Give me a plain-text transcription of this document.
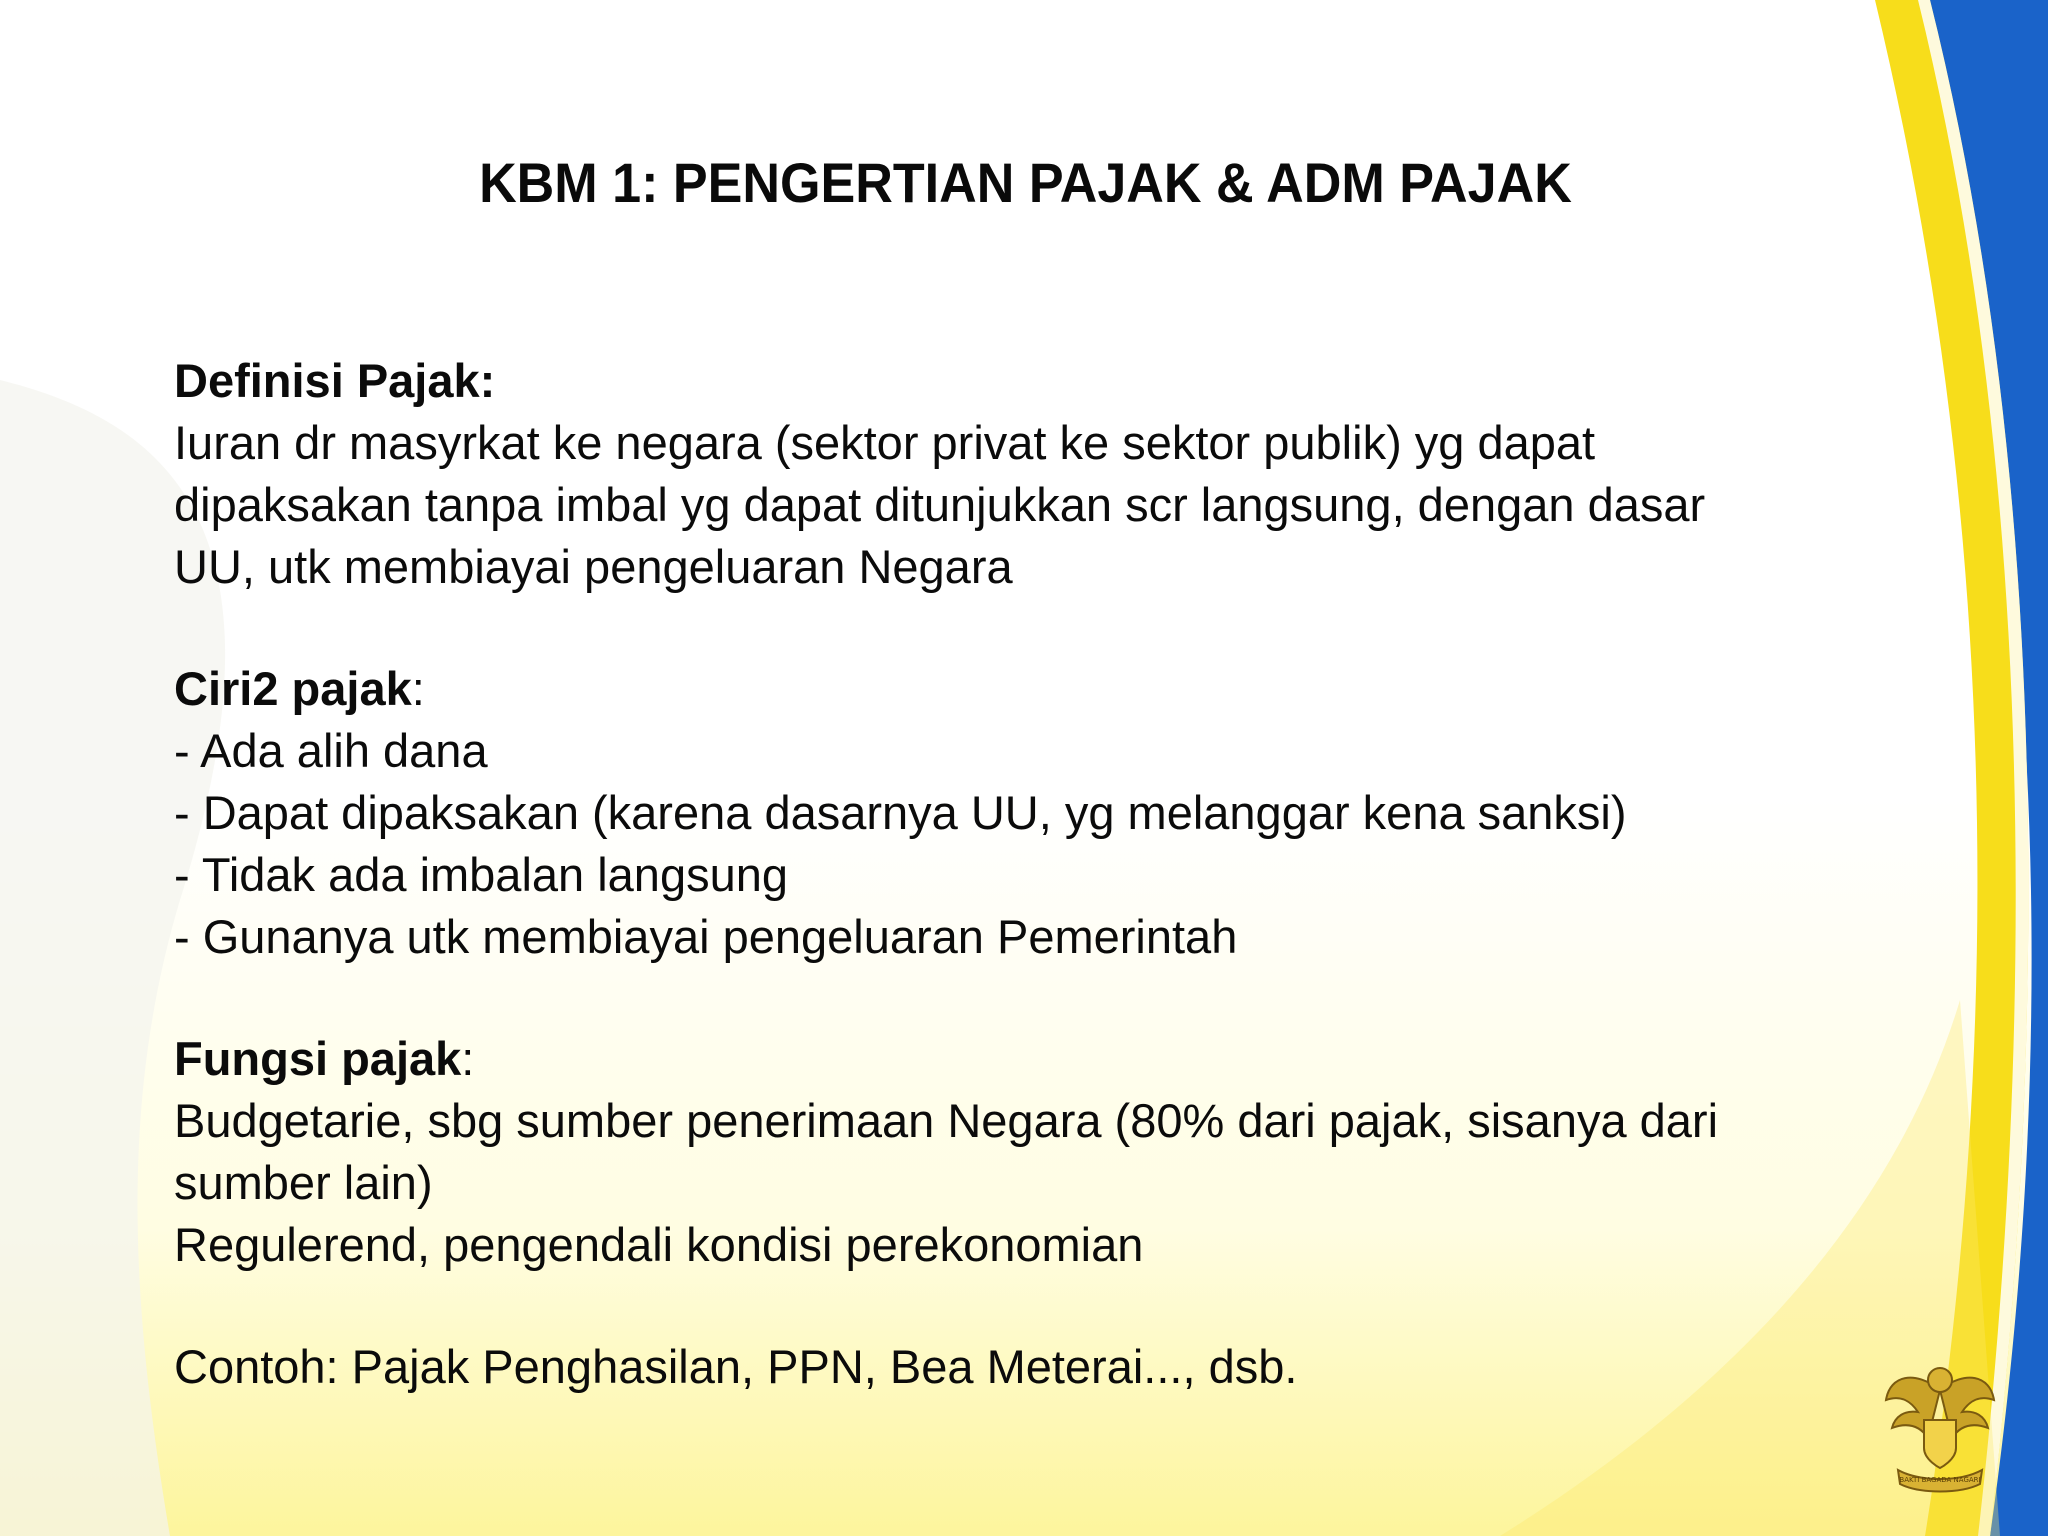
KBM 1: PENGERTIAN PAJAK & ADM PAJAK

Definisi Pajak:

Iuran dr masyrkat ke negara (sektor privat ke sektor publik) yg dapat

dipaksakan tanpa imbal yg dapat ditunjukkan scr langsung, dengan dasar

UU, utk membiayai pengeluaran Negara

Ciri2 pajak:

- Ada alih dana

- Dapat dipaksakan (karena dasarnya UU, yg melanggar kena sanksi)

- Tidak ada imbalan langsung

- Gunanya utk membiayai pengeluaran Pemerintah

Fungsi pajak:

Budgetarie, sbg sumber penerimaan Negara (80% dari pajak, sisanya dari

sumber lain)

Regulerend, pengendali kondisi perekonomian

Contoh: Pajak Penghasilan, PPN, Bea Meterai..., dsb.

BAKTI BAGADA NAGARI
